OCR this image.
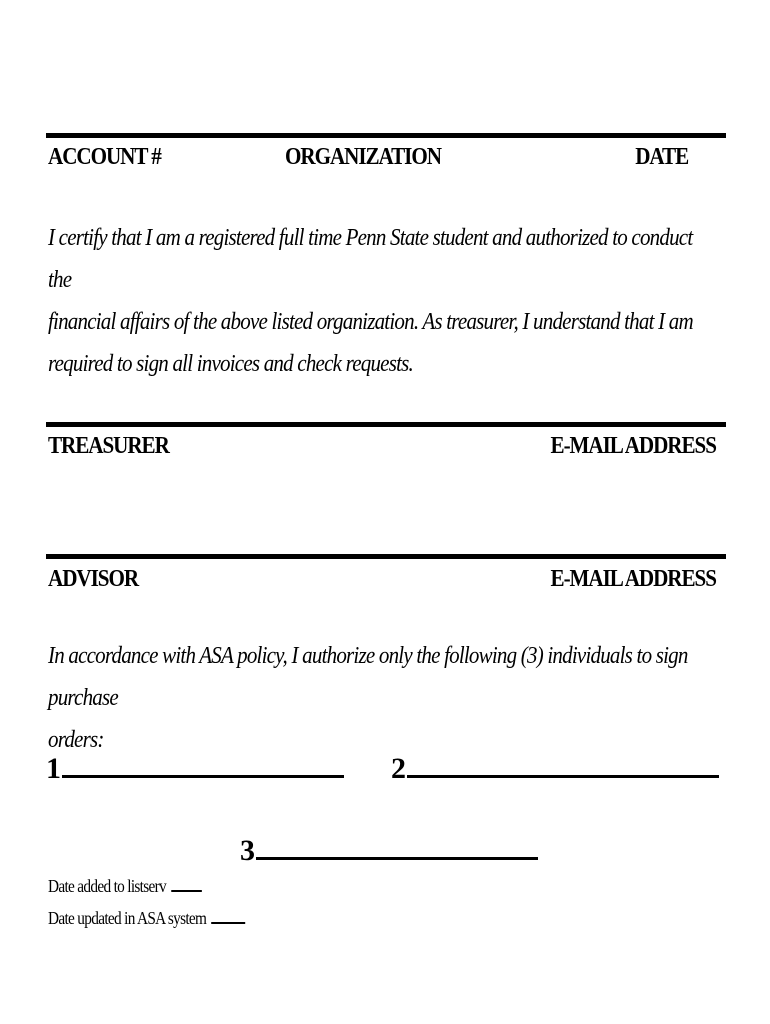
ACCOUNT #	ORGANIZATION	DATE
I certify that I am a registered full time Penn State student and authorized to conduct the
financial affairs of the above listed organization. As treasurer, I understand that I am
required to sign all invoices and check requests.
TREASURER	E-MAIL ADDRESS
ADVISOR	E-MAIL ADDRESS
In accordance with ASA policy, I authorize only the following (3) individuals to sign purchase
orders:
1	2
3
Date added to listserv
Date updated in ASA system
